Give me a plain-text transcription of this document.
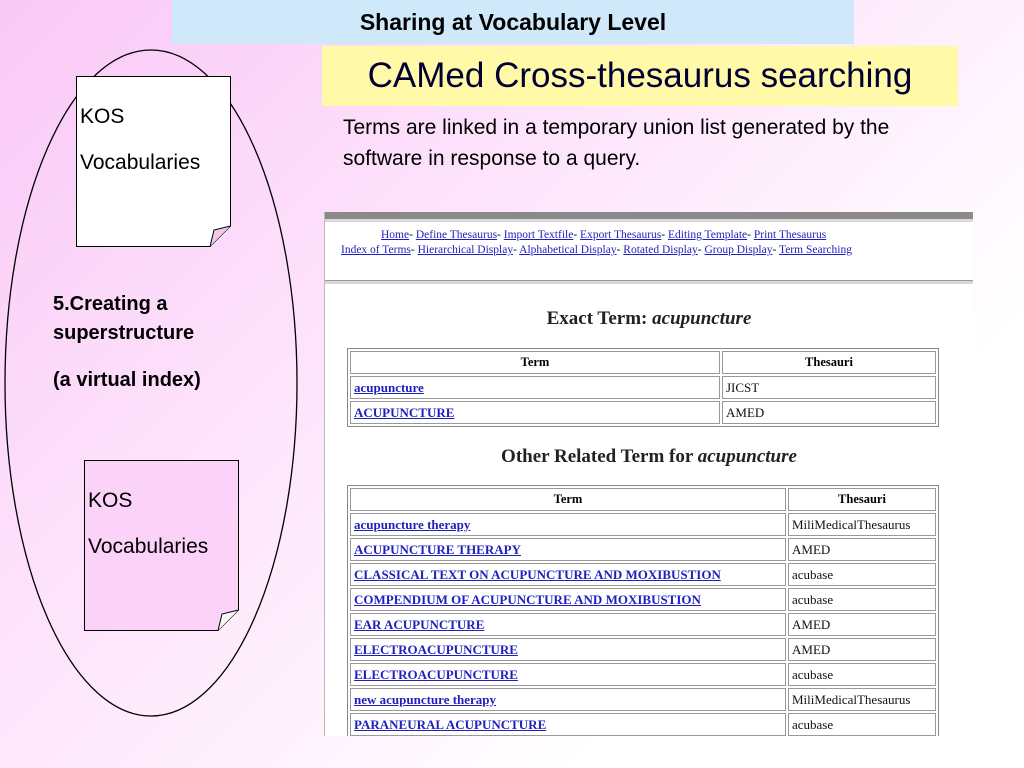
Sharing at Vocabulary Level
CAMed Cross-thesaurus searching
Terms are linked in a temporary union list generated by the software in response to a query.
KOS
Vocabularies
5.Creating a
superstructure
(a virtual index)
KOS
Vocabularies
Home- Define Thesaurus- Import Textfile- Export Thesaurus- Editing Template- Print Thesaurus
Index of Terms- Hierarchical Display- Alphabetical Display- Rotated Display- Group Display- Term Searching
Exact Term: acupuncture
Term	Thesauri
acupuncture	JICST
ACUPUNCTURE	AMED
Other Related Term for acupuncture
Term	Thesauri
acupuncture therapy	MiliMedicalThesaurus
ACUPUNCTURE THERAPY	AMED
CLASSICAL TEXT ON ACUPUNCTURE AND MOXIBUSTION	acubase
COMPENDIUM OF ACUPUNCTURE AND MOXIBUSTION	acubase
EAR ACUPUNCTURE	AMED
ELECTROACUPUNCTURE	AMED
ELECTROACUPUNCTURE	acubase
new acupuncture therapy	MiliMedicalThesaurus
PARANEURAL ACUPUNCTURE	acubase
